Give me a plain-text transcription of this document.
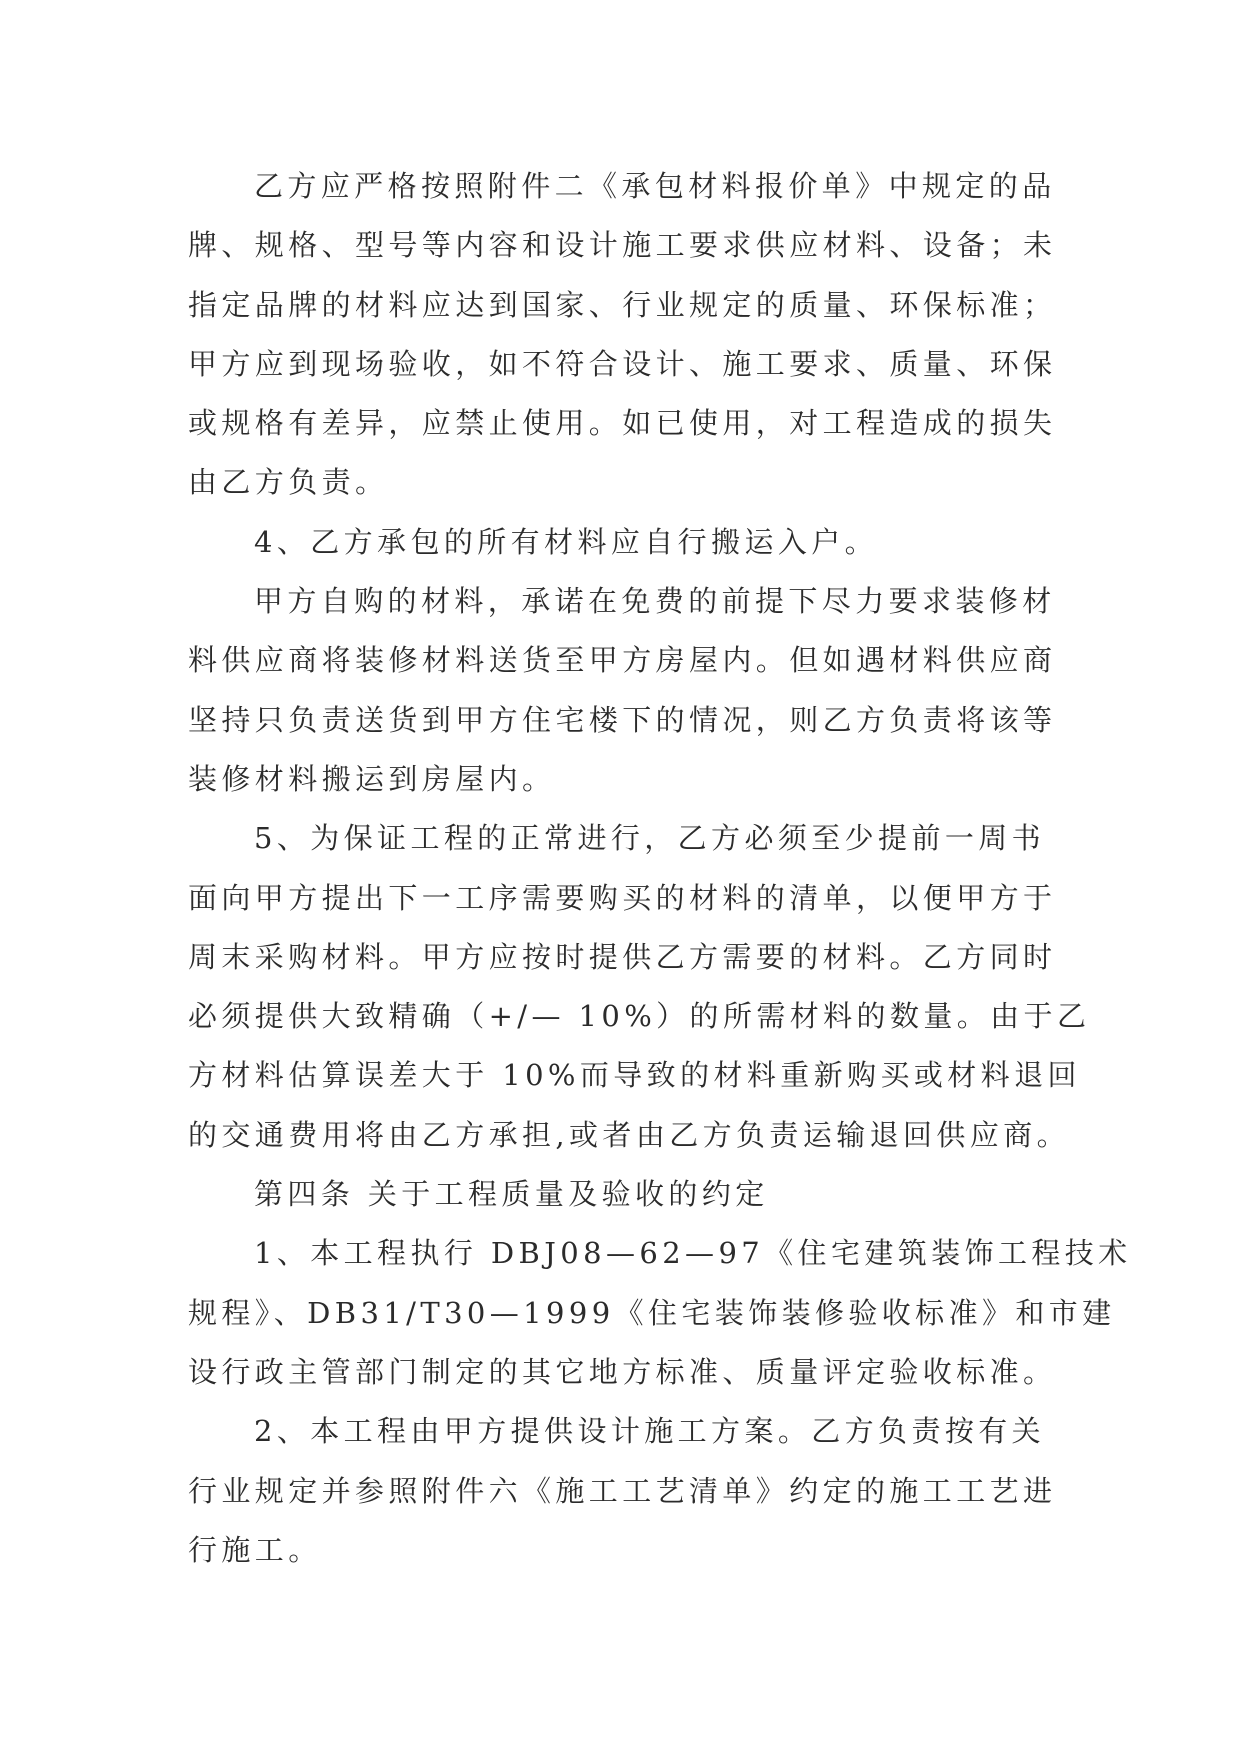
乙方应严格按照附件二《承包材料报价单》中规定的品
牌、规格、型号等内容和设计施工要求供应材料、设备；未
指定品牌的材料应达到国家、行业规定的质量、环保标准；
甲方应到现场验收，如不符合设计、施工要求、质量、环保
或规格有差异，应禁止使用。如已使用，对工程造成的损失
由乙方负责。
4、乙方承包的所有材料应自行搬运入户。
甲方自购的材料，承诺在免费的前提下尽力要求装修材
料供应商将装修材料送货至甲方房屋内。但如遇材料供应商
坚持只负责送货到甲方住宅楼下的情况，则乙方负责将该等
装修材料搬运到房屋内。
5、为保证工程的正常进行，乙方必须至少提前一周书
面向甲方提出下一工序需要购买的材料的清单，以便甲方于
周末采购材料。甲方应按时提供乙方需要的材料。乙方同时
必须提供大致精确（+/— 10%）的所需材料的数量。由于乙
方材料估算误差大于 10%而导致的材料重新购买或材料退回
的交通费用将由乙方承担,或者由乙方负责运输退回供应商。
第四条 关于工程质量及验收的约定
1、本工程执行 DBJ08—62—97《住宅建筑装饰工程技术
规程》、DB31/T30—1999《住宅装饰装修验收标准》和市建
设行政主管部门制定的其它地方标准、质量评定验收标准。
2、本工程由甲方提供设计施工方案。乙方负责按有关
行业规定并参照附件六《施工工艺清单》约定的施工工艺进
行施工。
